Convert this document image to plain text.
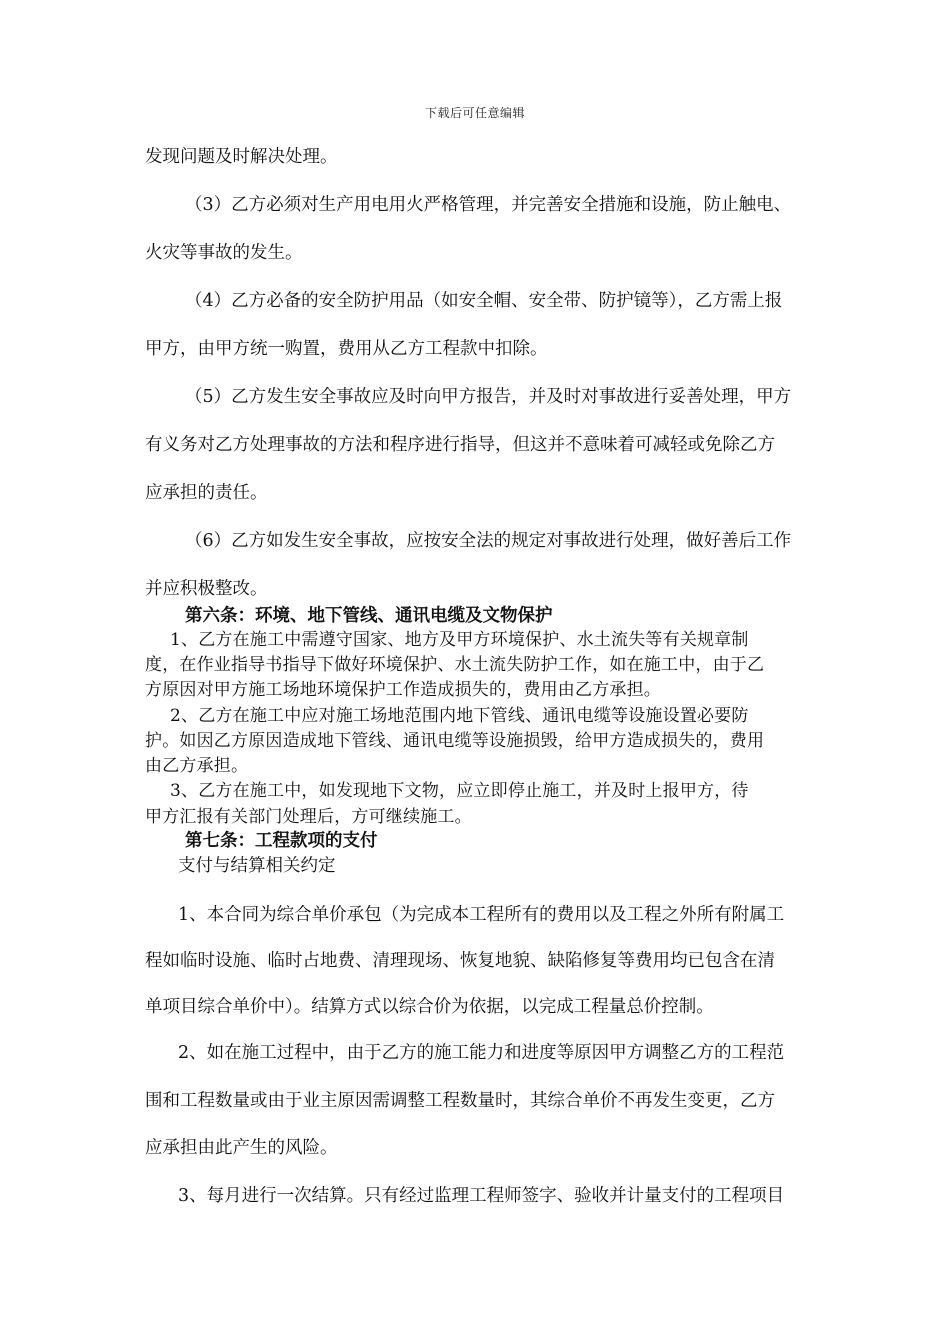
下载后可任意编辑
发现问题及时解决处理。
（3）乙方必须对生产用电用火严格管理，并完善安全措施和设施，防止触电、
火灾等事故的发生。
（4）乙方必备的安全防护用品（如安全帽、安全带、防护镜等），乙方需上报
甲方，由甲方统一购置，费用从乙方工程款中扣除。
（5）乙方发生安全事故应及时向甲方报告，并及时对事故进行妥善处理，甲方
有义务对乙方处理事故的方法和程序进行指导，但这并不意味着可减轻或免除乙方
应承担的责任。
（6）乙方如发生安全事故，应按安全法的规定对事故进行处理，做好善后工作
并应积极整改。
第六条：环境、地下管线、通讯电缆及文物保护
1、乙方在施工中需遵守国家、地方及甲方环境保护、水土流失等有关规章制
度，在作业指导书指导下做好环境保护、水土流失防护工作，如在施工中，由于乙
方原因对甲方施工场地环境保护工作造成损失的，费用由乙方承担。
2、乙方在施工中应对施工场地范围内地下管线、通讯电缆等设施设置必要防
护。如因乙方原因造成地下管线、通讯电缆等设施损毁，给甲方造成损失的，费用
由乙方承担。
3、乙方在施工中，如发现地下文物，应立即停止施工，并及时上报甲方，待
甲方汇报有关部门处理后，方可继续施工。
第七条：工程款项的支付
支付与结算相关约定
1、本合同为综合单价承包（为完成本工程所有的费用以及工程之外所有附属工
程如临时设施、临时占地费、清理现场、恢复地貌、缺陷修复等费用均已包含在清
单项目综合单价中）。结算方式以综合价为依据，以完成工程量总价控制。
2、如在施工过程中，由于乙方的施工能力和进度等原因甲方调整乙方的工程范
围和工程数量或由于业主原因需调整工程数量时，其综合单价不再发生变更，乙方
应承担由此产生的风险。
3、每月进行一次结算。只有经过监理工程师签字、验收并计量支付的工程项目
